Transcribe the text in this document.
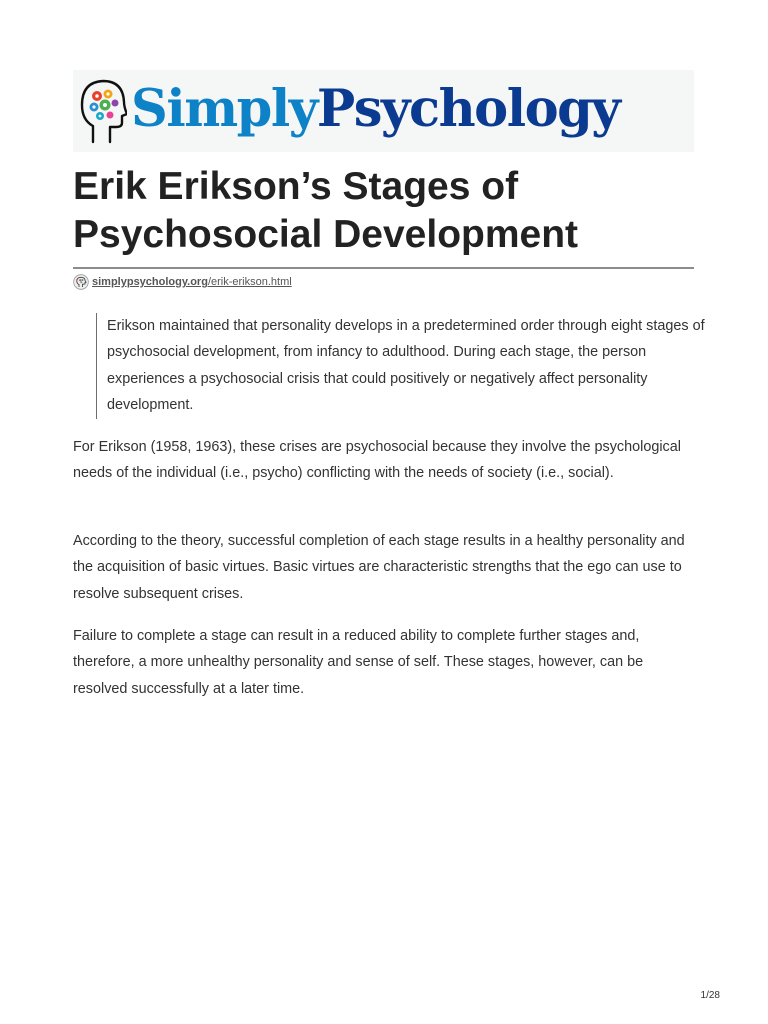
SimplyPsychology
Erik Erikson’s Stages of Psychosocial Development
simplypsychology.org/erik-erikson.html
Erikson maintained that personality develops in a predetermined order through eight stages of psychosocial development, from infancy to adulthood. During each stage, the person experiences a psychosocial crisis that could positively or negatively affect personality development.

For Erikson (1958, 1963), these crises are psychosocial because they involve the psychological needs of the individual (i.e., psycho) conflicting with the needs of society (i.e., social).

According to the theory, successful completion of each stage results in a healthy personality and the acquisition of basic virtues. Basic virtues are characteristic strengths that the ego can use to resolve subsequent crises.

Failure to complete a stage can result in a reduced ability to complete further stages and, therefore, a more unhealthy personality and sense of self. These stages, however, can be resolved successfully at a later time.

1/28
